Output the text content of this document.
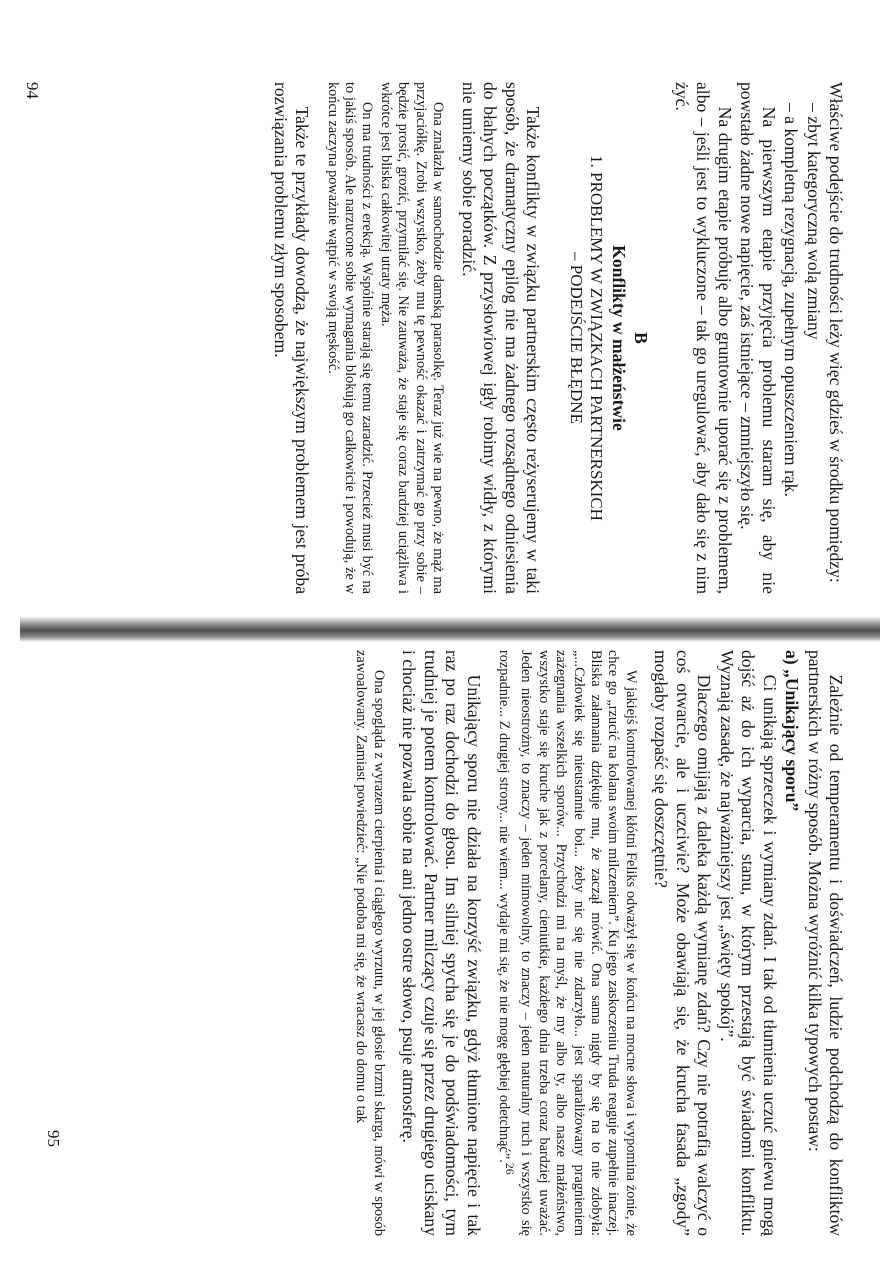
Właściwe podejście do trudności leży więc gdzieś w środku pomiędzy:

– zbyt kategoryczną wolą zmiany

– a kompletną rezygnacją, zupełnym opuszczeniem rąk.

Na pierwszym etapie przyjęcia problemu staram się, aby nie powstało żadne nowe napięcie, zaś istniejące – zmniejszyło się.

Na drugim etapie próbuję albo gruntownie uporać się z problemem, albo – jeśli jest to wykluczone – tak go uregulować, aby dało się z nim żyć.

B

Konflikty w małżeństwie

1. PROBLEMY W ZWIĄZKACH PARTNERSKICH
– PODEJŚCIE BŁĘDNE

Także konflikty w związku partnerskim często reżyserujemy w taki sposób, że dramatyczny epilog nie ma żadnego rozsądnego odniesienia do błahych początków. Z przysłowiowej igły robimy widły, z którymi nie umiemy sobie poradzić.

Ona znalazła w samochodzie damską parasolkę. Teraz już wie na pewno, że mąż ma przyjaciółkę. Zrobi wszystko, żeby mu tę pewność okazać i zatrzymać go przy sobie – będzie prosić, grozić, przymilać się. Nie zauważa, że staje się coraz bardziej uciążliwa i wkrótce jest bliska całkowitej utraty męża.

On ma trudności z erekcją. Wspólnie starają się temu zaradzić. Przecież musi być na to jakiś sposób. Ale narzucone sobie wymagania blokują go całkowicie i powodują, że w końcu zaczyna poważnie wątpić w swoją męskość.

Także te przykłady dowodzą, że największym problemem jest próba rozwiązania problemu złym sposobem.

94

Zależnie od temperamentu i doświadczeń, ludzie podchodzą do konfliktów partnerskich w różny sposób. Można wyróżnić kilka typowych postaw:

a) „Unikający sporu”

Ci unikają sprzeczek i wymiany zdań. I tak od tłumienia uczuć gniewu mogą dojść aż do ich wyparcia, stanu, w którym przestają być świadomi konfliktu. Wyznają zasadę, że najważniejszy jest „święty spokój”.

Dlaczego omijają z daleka każdą wymianę zdań? Czy nie potrafią walczyć o coś otwarcie, ale i uczciwie? Może obawiają się, że krucha fasada „zgody” mogłaby rozpaść się doszczętnie?

W jakiejś kontrolowanej kłótni Feliks odważył się w końcu na mocne słowa i wypomina żonie, że chce go „rzucić na kolana swoim milczeniem”. Ku jego zaskoczeniu Truda reaguje zupełnie inaczej. Bliska załamania dziękuje mu, że zaczął mówić. Ona sama nigdy by się na to nie zdobyła: „...Człowiek się nieustannie boi... żeby nic się nie zdarzyło... jest sparaliżowany pragnieniem zażegnania wszelkich sporów... Przychodzi mi na myśl, że my albo ty, albo nasze małżeństwo, wszystko staje się kruche jak z porcelany, cieniutkie, każdego dnia trzeba coraz bardziej uważać. Jeden nieostrożny, to znaczy – jeden mimowolny, to znaczy – jeden naturalny ruch i wszystko się rozpadnie... Z drugiej strony... nie wiem... wydaje mi się, że nie mogę głębiej odetchnąć”.$^{26}$

Unikający sporu nie działa na korzyść związku, gdyż tłumione napięcie i tak raz po raz dochodzi do głosu. Im silniej spycha się je do podświadomości, tym trudniej je potem kontrolować. Partner milczący czuje się przez drugiego uciskany i chociaż nie pozwala sobie na ani jedno ostre słowo, psuje atmosferę.

Ona spogląda z wyrazem cierpienia i ciągłego wyrzutu, w jej głosie brzmi skarga, mówi w sposób zawoalowany. Zamiast powiedzieć: „Nie podoba mi się, że wracasz do domu o tak

95
